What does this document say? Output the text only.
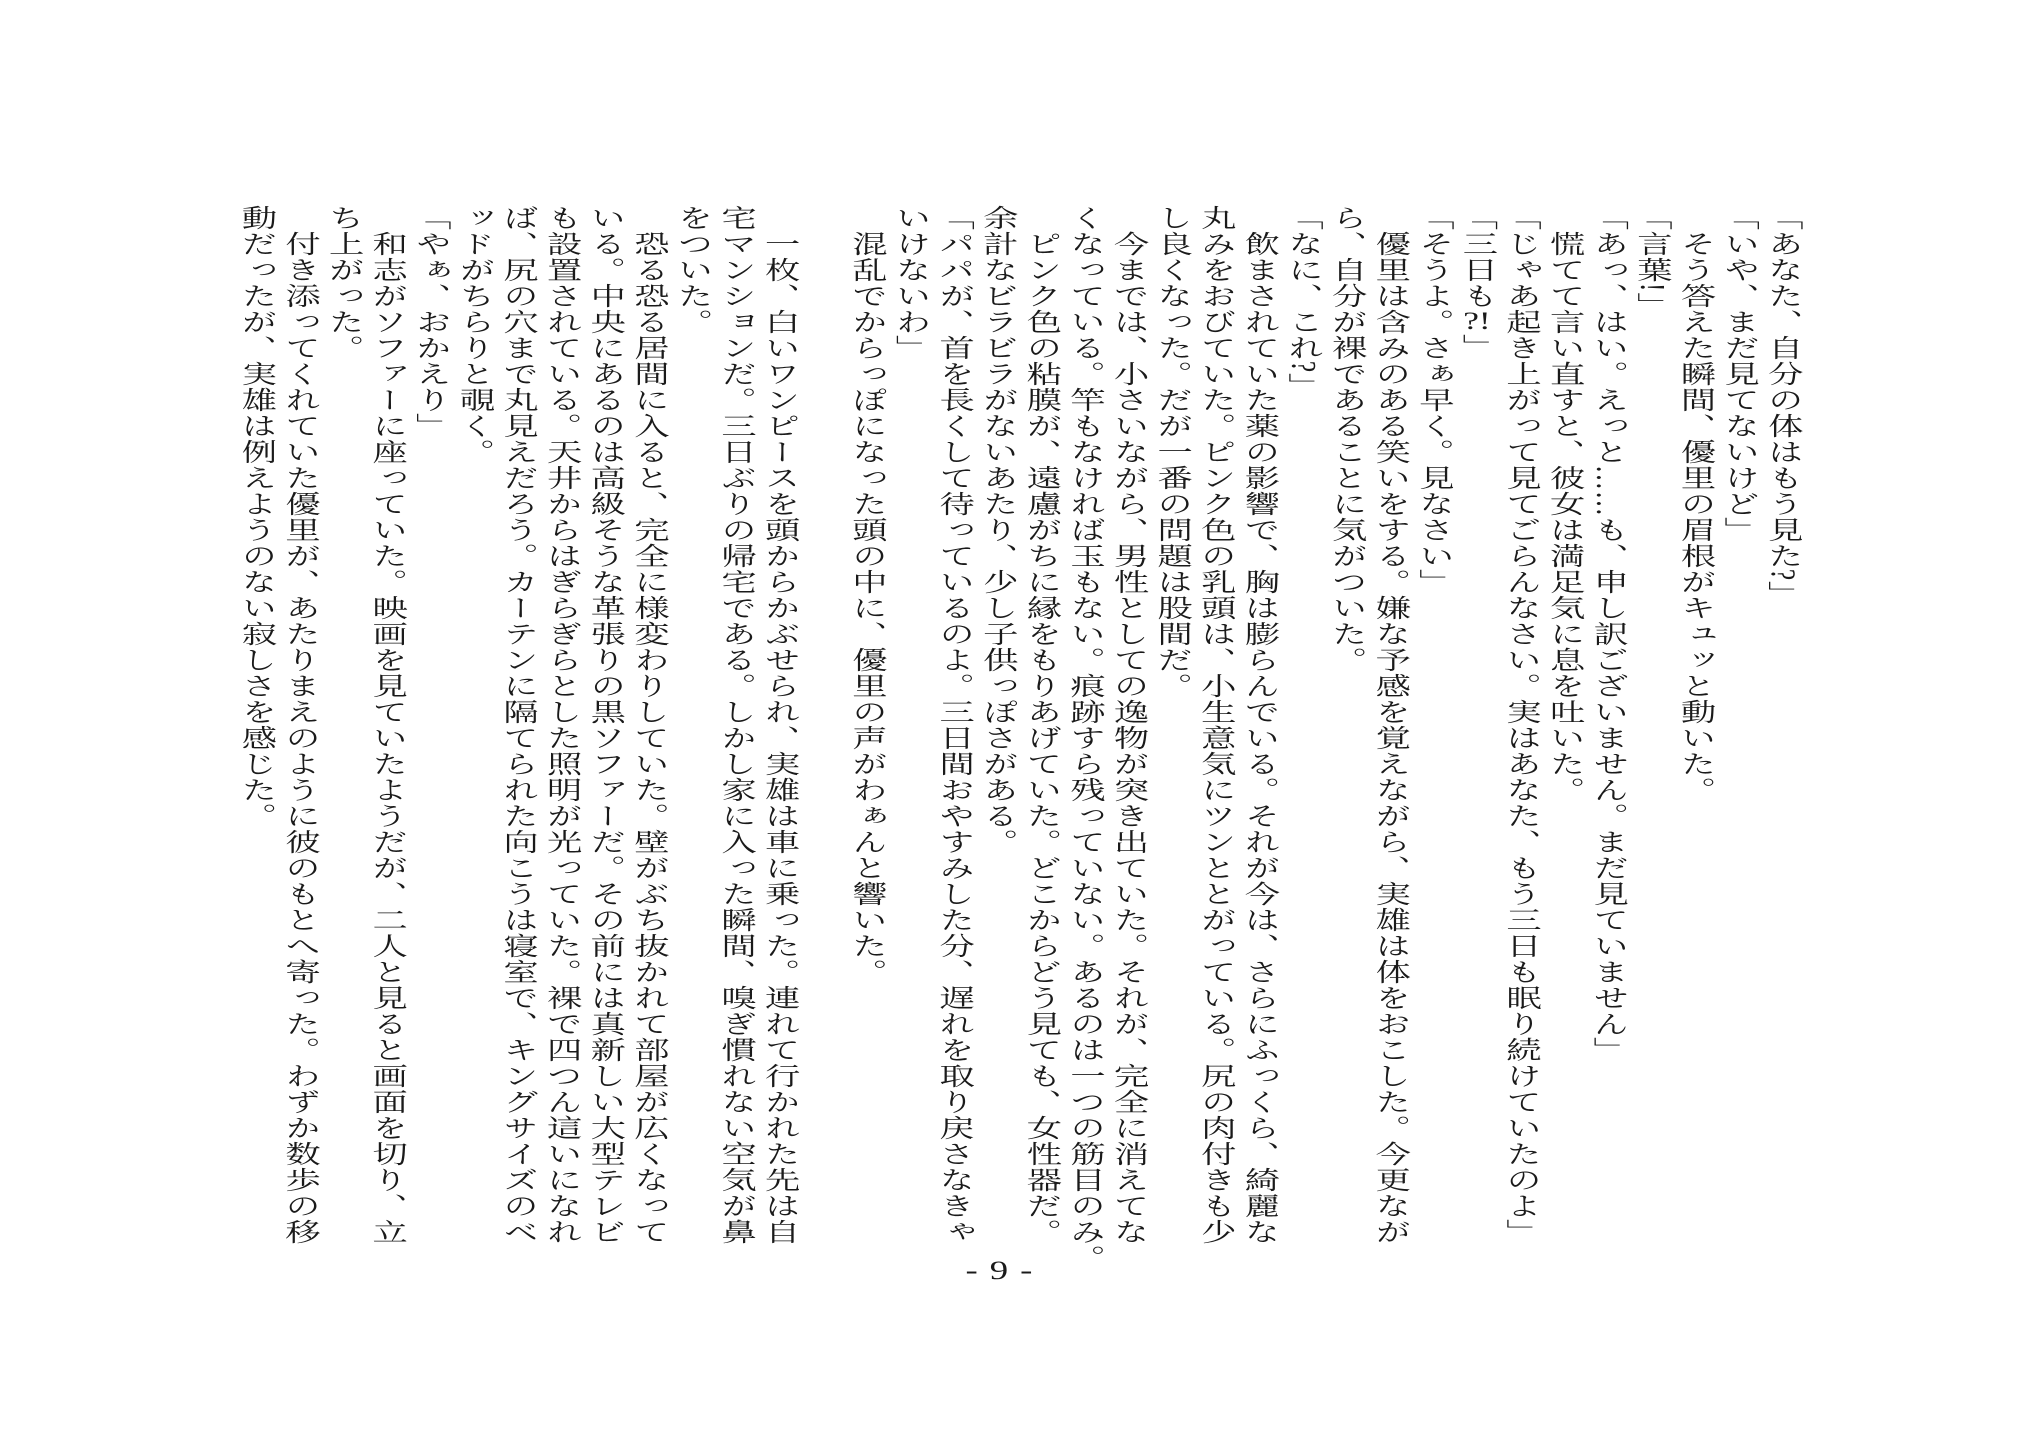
「あなた、自分の体はもう見た?」

「いや、まだ見てないけど」

そう答えた瞬間、優里の眉根がキュッと動いた。

「言葉!」

「あっ、はい。えっと……も、申し訳ございません。まだ見ていません」

慌てて言い直すと、彼女は満足気に息を吐いた。

「じゃあ起き上がって見てごらんなさい。実はあなた、もう三日も眠り続けていたのよ」

「三日も?!」

「そうよ。さぁ早く。見なさい」

優里は含みのある笑いをする。嫌な予感を覚えながら、実雄は体をおこした。今更なが

ら、自分が裸であることに気がついた。

「なに、これ?」

飲まされていた薬の影響で、胸は膨らんでいる。それが今は、さらにふっくら、綺麗な

丸みをおびていた。ピンク色の乳頭は、小生意気にツンととがっている。尻の肉付きも少

し良くなった。だが一番の問題は股間だ。

今までは、小さいながら、男性としての逸物が突き出ていた。それが、完全に消えてな

くなっている。竿もなければ玉もない。痕跡すら残っていない。あるのは一つの筋目のみ。

ピンク色の粘膜が、遠慮がちに縁をもりあげていた。どこからどう見ても、女性器だ。

余計なビラビラがないあたり、少し子供っぽさがある。

「パパが、首を長くして待っているのよ。三日間おやすみした分、遅れを取り戻さなきゃ

いけないわ」

混乱でからっぽになった頭の中に、優里の声がわぁんと響いた。

一枚、白いワンピースを頭からかぶせられ、実雄は車に乗った。連れて行かれた先は自

宅マンションだ。三日ぶりの帰宅である。しかし家に入った瞬間、嗅ぎ慣れない空気が鼻

をついた。

恐る恐る居間に入ると、完全に様変わりしていた。壁がぶち抜かれて部屋が広くなって

いる。中央にあるのは高級そうな革張りの黒ソファーだ。その前には真新しい大型テレビ

も設置されている。天井からはぎらぎらとした照明が光っていた。裸で四つん這いになれ

ば、尻の穴まで丸見えだろう。カーテンに隔てられた向こうは寝室で、キングサイズのベ

ッドがちらりと覗く。

「やぁ、おかえり」

和志がソファーに座っていた。映画を見ていたようだが、二人と見ると画面を切り、立

ち上がった。

付き添ってくれていた優里が、あたりまえのように彼のもとへ寄った。わずか数歩の移

動だったが、実雄は例えようのない寂しさを感じた。

- 9 -
